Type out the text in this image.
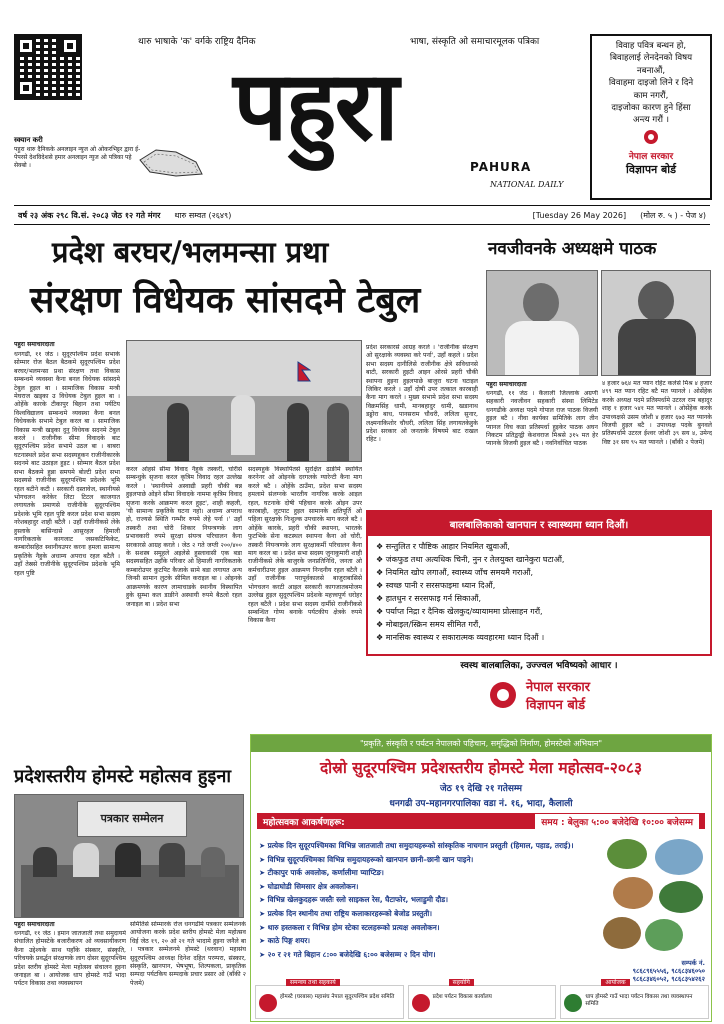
स्क्यान करी
पहुरा थारु दैनिकके अनलाइन न्युज ओ ओकरभिट्टर द्वारा ई-पेपरसे देशविदेशसे हमार अनलाइन न्युज ओ पत्रिका पहे सेक्बो ।
थारु भाषाके 'क' वर्गके राष्ट्रिय दैनिक	भाषा, संस्कृति ओ समाचारमूलक पत्रिका
पहुरा
PAHURA
NATIONAL DAILY
विवाह पवित्र बन्धन हो,
बिवाहलाई लेनदेनको विषय
नबनाऔं,
विवाहमा दाइजो लिने र दिने
काम नगरौं,
दाइजोका कारण हुने हिंसा
अन्त्य गरौं ।
नेपाल सरकार
विज्ञापन बोर्ड
वर्ष २३ अंक २९८ वि.सं. २०८३ जेठ १२ गते मंगर थारु सम्वत (२६४९)	[Tuesday 26 May 2026] (मोल रु. ५ ) - पेज ४)
प्रदेश बरघर/भलमन्सा प्रथा
संरक्षण विधेयक सांसदमे टेबुल
पहुरा समाचारदाता
धनगढी, ११ जेठ । सुदूरपश्चिम प्रदेश सभाके सोम्मार रोज बैठल बैठकमे सुदूरपश्चिम प्रदेश बरघर/भलमन्सा प्रथा संरक्षण तथा विकास सम्बन्धमे व्यवस्था कैना बनल विधेयक सांसदमे टेबुल हुइल बा । सामाजिक विकास मन्त्री मेघराज खड्का उ विधेयक टेबुल हुइल बा । ओहेंके कारके टीकापुर बिहान तथा पर्यटिय विश्वविद्यालय सम्बन्धमे व्यवस्था कैना बनल विधेयकके सभामे टेबुल करल बा । सामाजिक विकास मन्त्री खड्का दुनु विधेयक सदनमे टेबुल करले । राजीनीक सीमा विवादके बाट सुदूरपश्चिम प्रदेश सभामे उठल बा । बाबरा घटनास्थले प्रदेश सभा सदस्यहुकन राजीनीकारके सदनमे बाट उठाइल हुइट । सोम्मार बैठल प्रदेश सभा बैठकमे हुन्ना समयमे बोल्टी प्रदेश सभा सदस्यसे राजीनीक सुदूरपश्चिम प्रदेशके भूमि रहल बटीने कटी । सरकारी दस्तावेज, स्थानीयसे भोगचलन करेकेर लिटा टिटल काजगात लगायतके प्रमाणसे राजीनीके सुदूरपश्चिम प्रदेशके भूमि रहल पुष्टि करल प्रदेश सभा सदस्य नरेशबहादुर शाही बटैलै । उहाँ राजीनीकसे लेके हुस्लाके बासिन्दासे आसुरहल हिमाली नागरिकताके कागजाट जसकटिफिकेट, कम्बारोसहित स्थानीयउपर करना हमला सामान्य प्रकृतिके नैहुके अधाम्य अपराध रहल बटैलै । उहाँ तेस्रसे राजीनीके सुदूरपश्चिम प्रदेशके भूमि रहल पुष्टि
करल ओहसे सीमा विवाद नैहुके तस्करी, चोरीसे सम्बन्धुके सृजना करल कृत्रिम विवाद रहल उल्लेख करले । 'स्थानीयमे अस्वाद्यी प्रहरी चौकी बन्न हुइलपाछे ओइने सीमा विवादके नाममा कृत्रिम विवाद सृजना करके आक्रमण करल हुइट', शाही कहली, 'यी सामान्य प्रकृतिके घटना नहो। अधाम्य अपराध हो, राज्यसे स्थिति गम्भीर रुपमे लेहे पर्ना ।' उहाँ तस्करी तथा चोरी शिकार नियन्त्रणके लाग प्रभावकारी रुपमे सुरक्षा संयन्त्र परिचालन कैना सरकारसे आग्रह करले । जेठ २ गते जग्ती २००/४०० के सशस्त्र समूहले अइलेसे हुस्लावासी एक बडा सदस्यसहित उहाँके परिवार ओ हिमाली नागरिकताके कम्बारोउपर कुटपिट कैजाके सामे बडा लगायत अन्य जिन्सी सामान लुटके सीमिल कराइल बा । ओइनके आक्रमणके कारण लामाचाडके स्थानीय विस्थापित हुके सुम्भा कल डाङीने अस्थायी रुपमे बैठलो रहल जनाइल बा । प्रदेश सभा
सदस्यहुके विस्थापितसे सुरक्षित ढाङीमे स्थायित करनेनर ओ ओइनके दरगलके ग्यारेन्टी कैना माग करले बटै । ओहेंके ठाउँमा, प्रदेश सभा सदस्य हमलामे संलग्नके भारतीय नागरिक करके आइल रहल, घटनाके दोषी पहिचान करके ओइन उपर कारबाही, लुटपाट हुइल सामानके क्षतिपूर्ति ओ पहिला सुरक्षाके निःशुल्क उपचारके माग करले बटै । ओहेंके कारके, प्रहरी चौकी स्थापना, भारतके फुटभिके सेना कटस्थल स्थापना कैना ओ चोरी, तस्करी नियन्त्रणके लाग सुरक्षाकर्मी परिचालन कैना माग करल बा । प्रदेश सभा सदस्य जुनाकुमारी शाही राजीनीकसे लेके बाजुरके जनप्रतिनिधि, जनता ओ कर्मचारीउपर हुइल आक्रमण निन्दनीय रहल बटैलै । उहाँ राजीनीक परापूर्वकालसे बाजुराबासिसे भोगचलन करटी आइल सरकारी कागजातबमोजम उल्लेख हुइल सुदूरपश्चिम प्रदेशके महत्त्वपूर्ण धरोहर रहल बटैलै । प्रदेश सभा सदस्य दार्मीसे राजीनीकसे सम्बन्धित गोप्य बनाके पर्यटकीय क्षेत्रके रुपमे विकास कैना
प्रदेश सरकारसे आग्रह करले । 'राजीनीक संरक्षण ओ सुरक्षाके व्यवस्था करे पर्ना', उहाँ कहले । प्रदेश सभा सदस्य दानीलिसे राजीनीक क्षेत्रे सविधानसे बाटी, सरकारी हुइटी आइन ओरसे प्रहरी चौकी स्थापना हुइना हुइलपाछे बाजुरा घटना घटाइल जिकिर करले । उहाँ दोषी उपर तत्काल कारबाही कैना माग करले । मुख्य सभामे प्रदेश सभा सदस्य विक्रमसिंह धामी, मानबहादुर धामी, खडानाथ डड्डोरा बाध, पानसराम चौधरी, ललिता सुनार, लक्ष्मनाकिशोर चौधरी, ललिता सिंह लगायतकेहुके प्रदेश सरकार ओ जनताके विषयमे बाट राखल रहिट ।
नवजीवनके अध्यक्षमे पाठक
पहुरा समाचारदाता
धनगढी, ११ जेठ । कैलाली जिल्लाके अग्रणी सहकारी नवजीवन सहकारी संस्था लिमिटेड धनगढीके अध्यक्ष पदमे गोपाल राज पाठक विजयी हुइल बटै । नीवा कार्यका समितिके लाग तीन प्यानल विच कडा प्रतिस्पर्धा हुइकेर पाठक अघन निकटम प्रतिद्वन्द्वी केशवराज मिश्रसे ३१५ मत हेर प्यानके विजयी हुइल बटै । नवनिर्वाचित पाठक
४ हजार ७६४ मत प्यान रहिट कलेसे मिश्र ४ हजार ४९९ मत प्यान रहिट बटै मत प्यानले । ओसेंहेक करके अध्यक्ष पदमे प्रतिस्पर्धामे उटरल राम बहादुर शाह १ हजार ५४१ मत प्यानले । ओसेंहेक करके उपाध्यक्षसे उसम जोशी ४ हजार ६७३ मत प्यानके विजयी हुइल बटै । उपाध्यक्ष पदके बुनवले प्रतिस्पर्धामे उटरल ईश्वर जोशी ३९ सय ४, उमेन्द विष्ट ३१ सय ९५ मत प्यानले । (बाँकी २ पेजमे)
बालबालिकाको खानपान र स्वास्थ्यमा ध्यान दिऔं।
❖ सन्तुलित र पौष्टिक आहार नियमित खुवाऔं,
❖ जंकफुड तथा अत्यधिक चिनी, नुन र तेलयुक्त खानेकुरा घटाऔं,
❖ नियमित खोप लगाऔं, स्वास्थ्य जाँच समयमै गराऔं,
❖ स्वच्छ पानी र सरसफाइमा ध्यान दिऔं,
❖ हातधुन र सरसफाइ गर्न सिकाऔं,
❖ पर्याप्त निद्रा र दैनिक खेलकुद/व्यायाममा प्रोत्साहन गरौं,
❖ मोबाइल/स्क्रिन समय सीमित गरौं,
❖ मानसिक स्वास्थ्य र सकारात्मक व्यवहारमा ध्यान दिऔं ।
स्वस्थ बालबालिका, उज्ज्वल भविष्यको आधार ।
नेपाल सरकार
विज्ञापन बोर्ड
प्रदेशस्तरीय होमस्टे महोत्सव हुइना
पत्रकार सम्मेलन
पहुरा समाचारदाता
धनगढी, ११ जेठ । इमान जातजाती तथा समुदायमे संचालित होमस्टेके बजारीकरण ओ व्यवसायीकरण कैना उद्देश्यके साथ यहाँके संस्कार, संस्कृति, परिचयके प्रवर्द्धन संरक्षणके लाग दोसर सुदूरपश्चिम प्रदेश स्तरीय होमस्टे मेला महोत्सव संचालन हुइना जनाइल बा । आयोजक धाप होमस्टे गाउँ भादा पर्यटन विकास तथा व्यवस्थापन
समितिसे सोम्मारके रोज धनगढीमे पत्रकार सम्मेलनके आयोजना करके प्रदेश स्तरीय होमस्टे मेला महोत्सव धिई जेठ १९, २० ओ २१ गते भादामे हुइना जनैले बा । पत्रकार सम्मेलनमे होमस्टे (थरवान) महासंघ सुदूरपश्चिम आध्यक्ष दिनेश दहित परम्परा, संस्कार, संस्कृति, खानपान, भेषभूषा, शिल्पकला, प्राकृतिक सम्पदा पर्यटकिय सम्पदाके प्रचार प्रसार ओ (बाँकी २ पेजमे)
"प्रकृति, संस्कृति र पर्यटन नेपालको पहिचान, समृद्धिको निर्माण, होमस्टेको अभियान"
दोस्रो सुदूरपश्चिम प्रदेशस्तरीय होमस्टे मेला महोत्सव-२०८३
जेठ १९ देखि २१ गतेसम्म
धनगढी उप-महानगरपालिका वडा नं. १६, भादा, कैलाली
महोत्सवका आकर्षणहरू:	समय : बेलुका ५:०० बजेदेखि १०:०० बजेसम्म
➤ प्रत्येक दिन सुदूरपश्चिमका विभिन्न जातजाती तथा समुदायहरूको सांस्कृतिक नाचगान प्रस्तुती (हिमाल, पहाड, तराई)।
➤ विभिन्न सुदूरपश्चिमका विभिन्न समुदायहरूको खानपान छानी–छानी खान पाइने।
➤ टीकापुर पार्क अवलोक, कर्णालीमा प्याप्टिङ।
➤ घोडाघोडी सिमसार क्षेत्र अवलोकन।
➤ विभिन्न खेलकुदहरू जस्तैः स्लो साइकल रेस, घैटाफोर, भलाडुमी दौड।
➤ प्रत्येक दिन स्थानीय तथा राष्ट्रिय कलाकारहरूको बेजोड प्रस्तुती।
➤ थारु हस्तकला र विभिन्न होम स्टेका स्टलहरूको प्रत्यक्ष अवलोकन।
➤ काठे पिङ्ग शयर।
➤ २० र २१ गते बिहान ८:०० बजेदेखि ६:०० बजेसम्म २ दिन योग।
सम्पर्क नं.
९८६८९६५५५६, ९८६८३४६०५०
९८६८३४६०५२, ९८६८३५४२६२
समन्वय तथा सहकार्य
होमस्टे (घरबास) महासंघ नेपाल सुदूरपश्चिम प्रदेश समिति
सहयोगि
प्रदेश पर्यटन विकास कार्यालय
आयोजक
धाप होमस्टे गाउँ भादा पर्यटन विकास तथा व्यवस्थापन समिति
